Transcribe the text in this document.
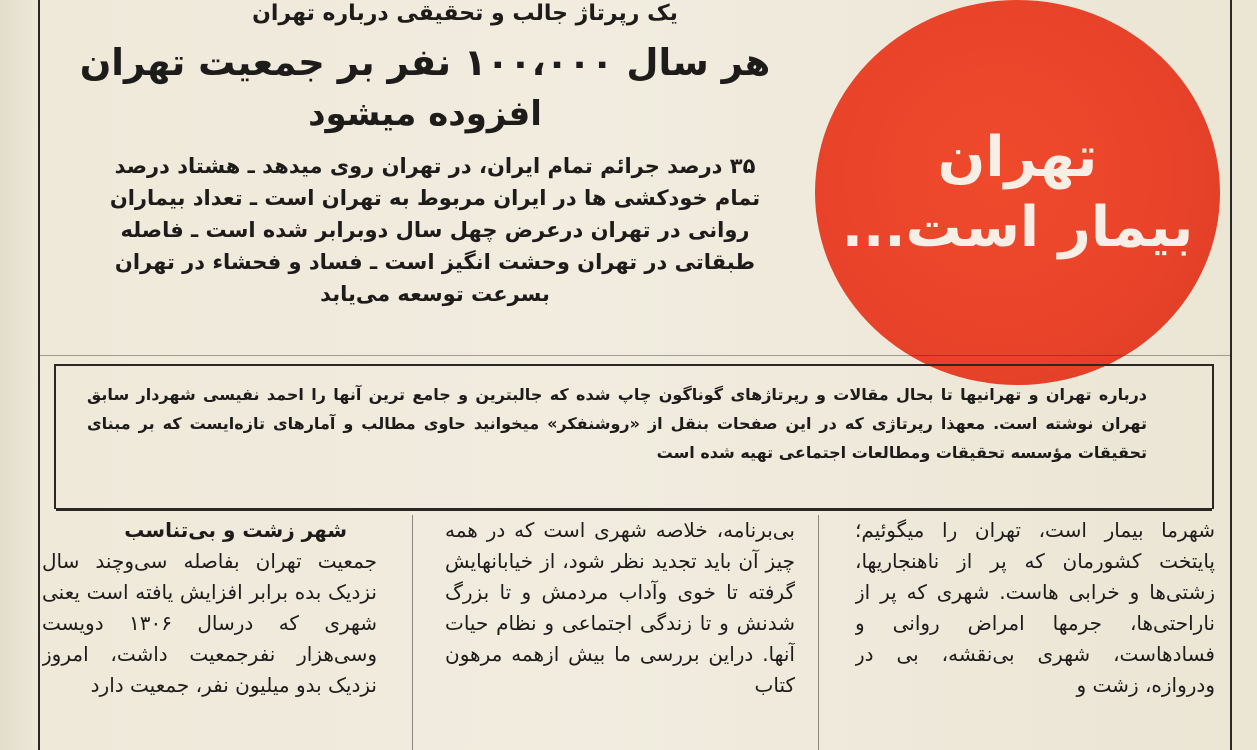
یک رپرتاژ جالب و تحقیقی درباره تهران
هر سال ۱۰۰،۰۰۰ نفر بر جمعیت تهران
افزوده میشود
۳۵ درصد جرائم تمام ایران، در تهران روی میدهد ـ هشتاد درصد تمام خودکشی ها در ایران مربوط به تهران است ـ تعداد بیماران روانی در تهران درعرض چهل سال دوبرابر شده است ـ فاصله طبقاتی در تهران وحشت انگیز است ـ فساد و فحشاء در تهران بسرعت توسعه می‌یابد
تهران
بیمار است...
درباره تهران و تهرانیها تا بحال مقالات و رپرتاژهای گوناگون چاپ شده که جالبترین و جامع ترین آنها را احمد نفیسی شهردار سابق تهران نوشته است. معهذا رپرتاژی که در این صفحات بنقل از «روشنفکر» میخوانید حاوی مطالب و آمارهای تازه‌ایست که بر مبنای تحقیقات مؤسسه تحقیقات ومطالعات اجتماعی تهیه شده است

شهرما بیمار است، تهران را میگوئیم؛ پایتخت کشورمان که پر از ناهنجاریها، زشتی‌ها و خرابی هاست. شهری که پر از ناراحتی‌ها، جرمها امراض روانی و فسادهاست، شهری بی‌نقشه، بی در ودروازه، زشت و

بی‌برنامه، خلاصه شهری است که در همه چیز آن باید تجدید نظر شود، از خیابانهایش گرفته تا خوی وآداب مردمش و تا بزرگ شدنش و تا زندگی اجتماعی و نظام حیات آنها. دراین بررسی ما بیش ازهمه مرهون کتاب

شهر زشت و بی‌تناسب

جمعیت تهران بفاصله سی‌وچند سال نزدیک بده برابر افزایش یافته است یعنی شهری که درسال ۱۳۰۶ دویست وسی‌هزار نفرجمعیت داشت، امروز نزدیک بدو میلیون نفر، جمعیت دارد
